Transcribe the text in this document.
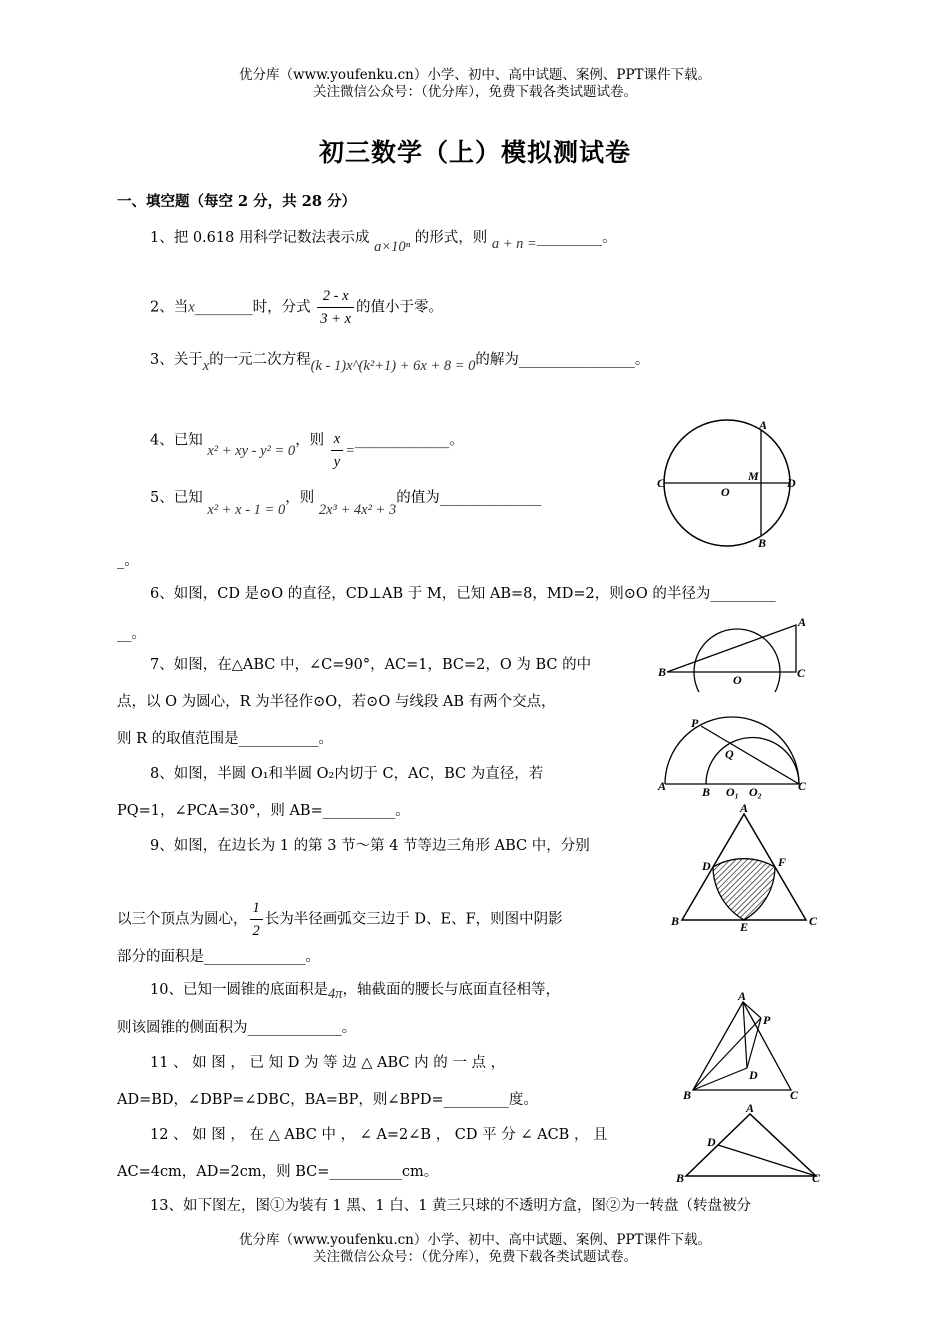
优分库（www.youfenku.cn）小学、初中、高中试题、案例、PPT课件下载。
关注微信公众号：（优分库），免费下载各类试题试卷。
初三数学（上）模拟测试卷
一、填空题（每空 2 分，共 28 分）
1、把 0.618 用科学记数法表示成 a×10ⁿ 的形式，则 a + n =_________。
2、当x________时，分式 $\frac{2 - x}{3 + x}$ 的值小于零。
3、关于x的一元二次方程(k - 1)x^(k²+1) + 6x + 8 = 0的解为________________。
4、已知 x² + xy - y² = 0，则 $\frac{x}{y}$ =_____________。
5、已知 x² + x - 1 = 0，则 2x³ + 4x² + 3的值为______________
_。
6、如图，CD 是⊙O 的直径，CD⊥AB 于 M，已知 AB=8，MD=2，则⊙O 的半径为_________
__。
7、如图，在△ABC 中，∠C=90°，AC=1，BC=2，O 为 BC 的中
点，以 O 为圆心，R 为半径作⊙O，若⊙O 与线段 AB 有两个交点，
则 R 的取值范围是___________。
8、如图，半圆 O₁和半圆 O₂内切于 C，AC，BC 为直径，若
PQ=1，∠PCA=30°，则 AB=__________。
9、如图，在边长为 1 的第 3 节～第 4 节等边三角形 ABC 中，分别
以三个顶点为圆心， $\frac{1}{2}$ 长为半径画弧交三边于 D、E、F，则图中阴影
部分的面积是______________。
10、已知一圆锥的底面积是4π，轴截面的腰长与底面直径相等，
则该圆锥的侧面积为_____________。
11 、 如 图 ， 已 知 D 为 等 边 △ ABC 内 的 一 点 ，
AD=BD，∠DBP=∠DBC，BA=BP，则∠BPD=_________度。
12 、 如 图 ， 在 △ ABC 中 ， ∠ A=2∠B ， CD 平 分 ∠ ACB ， 且
AC=4cm，AD=2cm，则 BC=__________cm。
13、如下图左，图①为装有 1 黑、1 白、1 黄三只球的不透明方盒，图②为一转盘（转盘被分
优分库（www.youfenku.cn）小学、初中、高中试题、案例、PPT课件下载。
关注微信公众号：（优分库），免费下载各类试题试卷。
A
B
C	D
M
O
A
B	C
O
P
Q
A	B O₁ O₂	C
A
B	C
D
E
F
A
P
D
B	C
A
D
B	C
